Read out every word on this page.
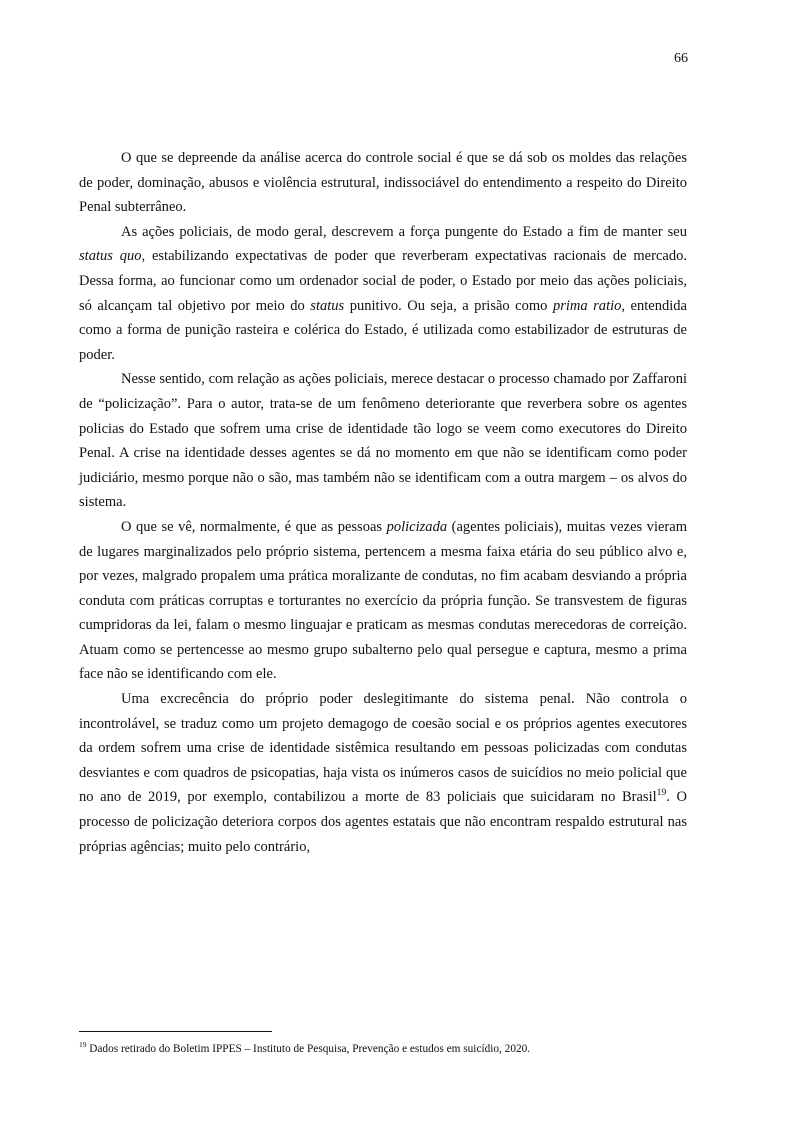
66

O que se depreende da análise acerca do controle social é que se dá sob os moldes das relações de poder, dominação, abusos e violência estrutural, indissociável do entendimento a respeito do Direito Penal subterrâneo.

As ações policiais, de modo geral, descrevem a força pungente do Estado a fim de manter seu status quo, estabilizando expectativas de poder que reverberam expectativas racionais de mercado. Dessa forma, ao funcionar como um ordenador social de poder, o Estado por meio das ações policiais, só alcançam tal objetivo por meio do status punitivo. Ou seja, a prisão como prima ratio, entendida como a forma de punição rasteira e colérica do Estado, é utilizada como estabilizador de estruturas de poder.

Nesse sentido, com relação as ações policiais, merece destacar o processo chamado por Zaffaroni de “policização”. Para o autor, trata-se de um fenômeno deteriorante que reverbera sobre os agentes policias do Estado que sofrem uma crise de identidade tão logo se veem como executores do Direito Penal. A crise na identidade desses agentes se dá no momento em que não se identificam como poder judiciário, mesmo porque não o são, mas também não se identificam com a outra margem – os alvos do sistema.

O que se vê, normalmente, é que as pessoas policizada (agentes policiais), muitas vezes vieram de lugares marginalizados pelo próprio sistema, pertencem a mesma faixa etária do seu público alvo e, por vezes, malgrado propalem uma prática moralizante de condutas, no fim acabam desviando a própria conduta com práticas corruptas e torturantes no exercício da própria função. Se transvestem de figuras cumpridoras da lei, falam o mesmo linguajar e praticam as mesmas condutas merecedoras de correição. Atuam como se pertencesse ao mesmo grupo subalterno pelo qual persegue e captura, mesmo a prima face não se identificando com ele.

Uma excrecência do próprio poder deslegitimante do sistema penal. Não controla o incontrolável, se traduz como um projeto demagogo de coesão social e os próprios agentes executores da ordem sofrem uma crise de identidade sistêmica resultando em pessoas policizadas com condutas desviantes e com quadros de psicopatias, haja vista os inúmeros casos de suicídios no meio policial que no ano de 2019, por exemplo, contabilizou a morte de 83 policiais que suicidaram no Brasil$^{19}$. O processo de policização deteriora corpos dos agentes estatais que não encontram respaldo estrutural nas próprias agências; muito pelo contrário,

$^{19}$ Dados retirado do Boletim IPPES – Instituto de Pesquisa, Prevenção e estudos em suicídio, 2020.
